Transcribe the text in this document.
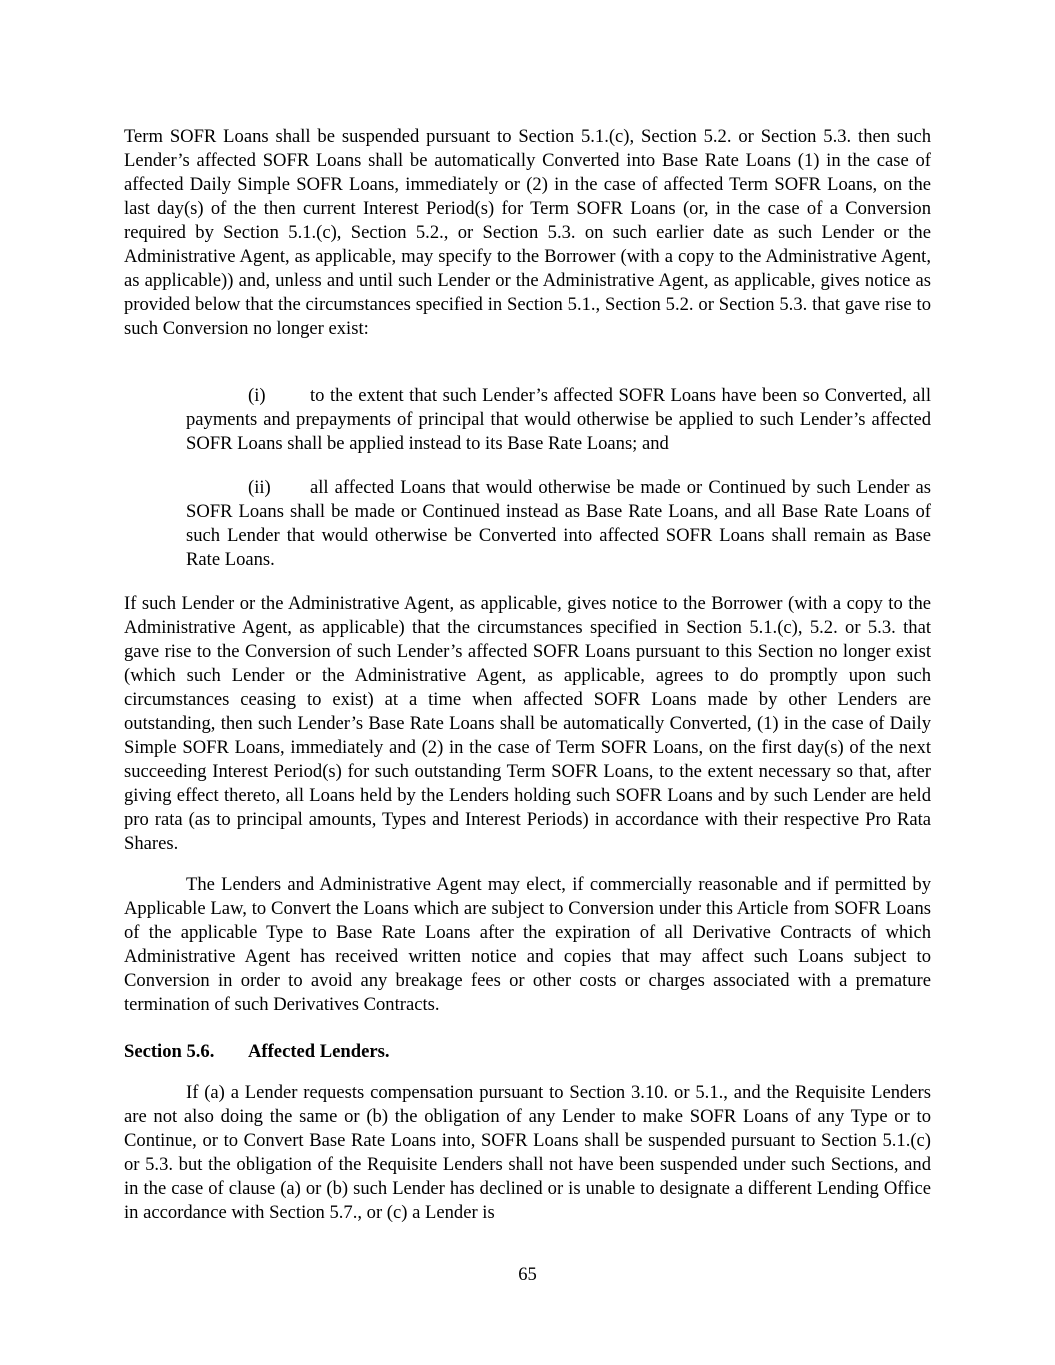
Term SOFR Loans shall be suspended pursuant to Section 5.1.(c), Section 5.2. or Section 5.3. then such Lender’s affected SOFR Loans shall be automatically Converted into Base Rate Loans (1) in the case of affected Daily Simple SOFR Loans, immediately or (2) in the case of affected Term SOFR Loans, on the last day(s) of the then current Interest Period(s) for Term SOFR Loans (or, in the case of a Conversion required by Section 5.1.(c), Section 5.2., or Section 5.3. on such earlier date as such Lender or the Administrative Agent, as applicable, may specify to the Borrower (with a copy to the Administrative Agent, as applicable)) and, unless and until such Lender or the Administrative Agent, as applicable, gives notice as provided below that the circumstances specified in Section 5.1., Section 5.2. or Section 5.3. that gave rise to such Conversion no longer exist:

(i) to the extent that such Lender’s affected SOFR Loans have been so Converted, all payments and prepayments of principal that would otherwise be applied to such Lender’s affected SOFR Loans shall be applied instead to its Base Rate Loans; and

(ii) all affected Loans that would otherwise be made or Continued by such Lender as SOFR Loans shall be made or Continued instead as Base Rate Loans, and all Base Rate Loans of such Lender that would otherwise be Converted into affected SOFR Loans shall remain as Base Rate Loans.

If such Lender or the Administrative Agent, as applicable, gives notice to the Borrower (with a copy to the Administrative Agent, as applicable) that the circumstances specified in Section 5.1.(c), 5.2. or 5.3. that gave rise to the Conversion of such Lender’s affected SOFR Loans pursuant to this Section no longer exist (which such Lender or the Administrative Agent, as applicable, agrees to do promptly upon such circumstances ceasing to exist) at a time when affected SOFR Loans made by other Lenders are outstanding, then such Lender’s Base Rate Loans shall be automatically Converted, (1) in the case of Daily Simple SOFR Loans, immediately and (2) in the case of Term SOFR Loans, on the first day(s) of the next succeeding Interest Period(s) for such outstanding Term SOFR Loans, to the extent necessary so that, after giving effect thereto, all Loans held by the Lenders holding such SOFR Loans and by such Lender are held pro rata (as to principal amounts, Types and Interest Periods) in accordance with their respective Pro Rata Shares.

The Lenders and Administrative Agent may elect, if commercially reasonable and if permitted by Applicable Law, to Convert the Loans which are subject to Conversion under this Article from SOFR Loans of the applicable Type to Base Rate Loans after the expiration of all Derivative Contracts of which Administrative Agent has received written notice and copies that may affect such Loans subject to Conversion in order to avoid any breakage fees or other costs or charges associated with a premature termination of such Derivatives Contracts.

Section 5.6. Affected Lenders.

If (a) a Lender requests compensation pursuant to Section 3.10. or 5.1., and the Requisite Lenders are not also doing the same or (b) the obligation of any Lender to make SOFR Loans of any Type or to Continue, or to Convert Base Rate Loans into, SOFR Loans shall be suspended pursuant to Section 5.1.(c) or 5.3. but the obligation of the Requisite Lenders shall not have been suspended under such Sections, and in the case of clause (a) or (b) such Lender has declined or is unable to designate a different Lending Office in accordance with Section 5.7., or (c) a Lender is

65
